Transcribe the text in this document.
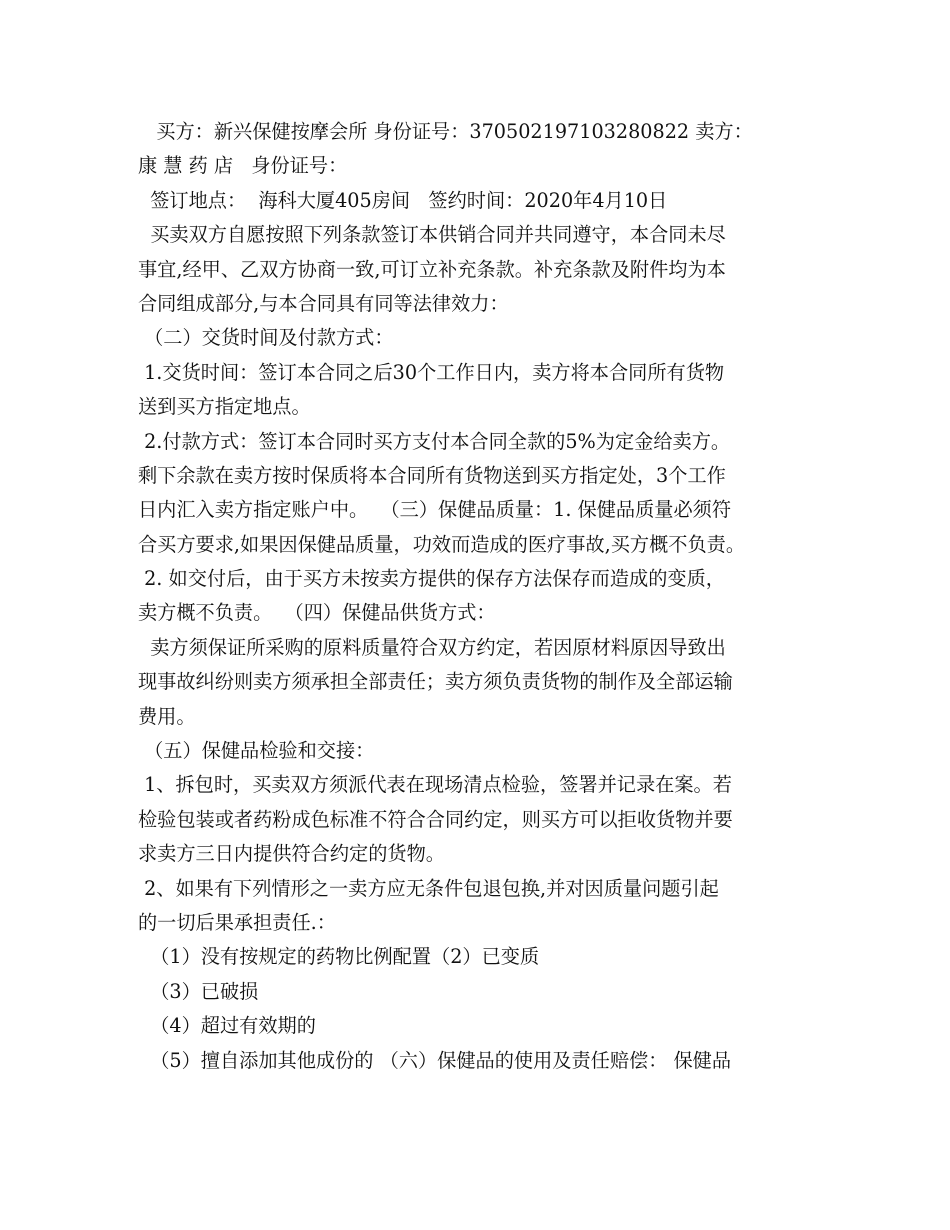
买方：新兴保健按摩会所 身份证号：370502197103280822 卖方：
康 慧 药 店   身份证号：
签订地点：  海科大厦405房间   签约时间：2020年4月10日
买卖双方自愿按照下列条款签订本供销合同并共同遵守，本合同未尽
事宜,经甲、乙双方协商一致,可订立补充条款。补充条款及附件均为本
合同组成部分,与本合同具有同等法律效力：
（二）交货时间及付款方式：
1.交货时间：签订本合同之后30个工作日内，卖方将本合同所有货物
送到买方指定地点。
2.付款方式：签订本合同时买方支付本合同全款的5%为定金给卖方。
剩下余款在卖方按时保质将本合同所有货物送到买方指定处，3个工作
日内汇入卖方指定账户中。  （三）保健品质量：1. 保健品质量必须符
合买方要求,如果因保健品质量，功效而造成的医疗事故,买方概不负责。
2. 如交付后，由于买方未按卖方提供的保存方法保存而造成的变质，
卖方概不负责。  （四）保健品供货方式：
卖方须保证所采购的原料质量符合双方约定，若因原材料原因导致出
现事故纠纷则卖方须承担全部责任；卖方须负责货物的制作及全部运输
费用。
（五）保健品检验和交接：
1、拆包时，买卖双方须派代表在现场清点检验，签署并记录在案。若
检验包装或者药粉成色标准不符合合同约定，则买方可以拒收货物并要
求卖方三日内提供符合约定的货物。
2、如果有下列情形之一卖方应无条件包退包换,并对因质量问题引起
的一切后果承担责任.：
（1）没有按规定的药物比例配置（2）已变质
（3）已破损
（4）超过有效期的
（5）擅自添加其他成份的 （六）保健品的使用及责任赔偿： 保健品
